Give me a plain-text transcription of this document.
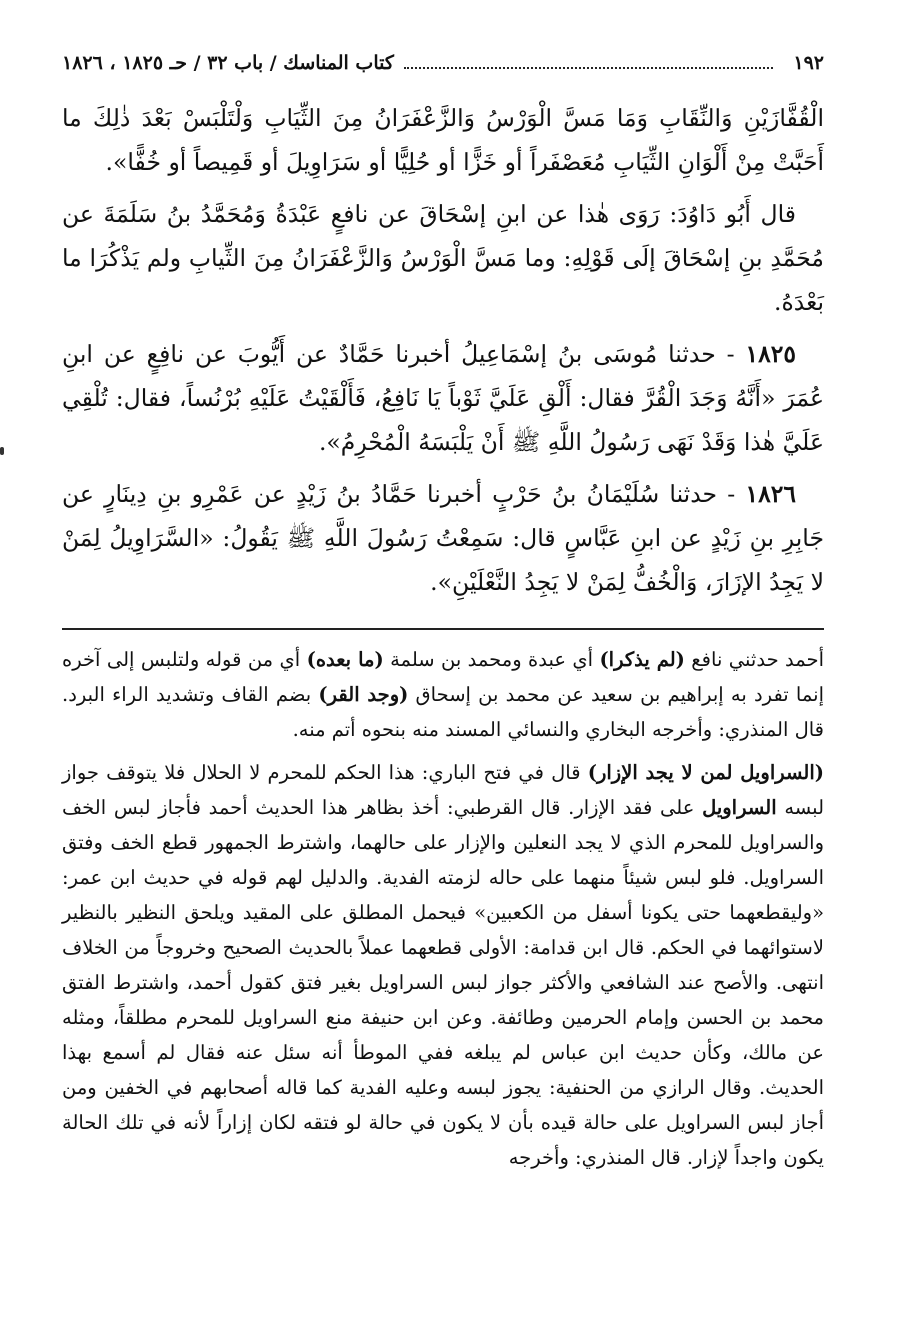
١٩٢
كتاب المناسك / باب ٣٢ / حـ ١٨٢٥ ، ١٨٢٦

الْقُفَّازَيْنِ وَالنِّقَابِ وَمَا مَسَّ الْوَرْسُ وَالزَّعْفَرَانُ مِنَ الثِّيَابِ وَلْتَلْبَسْ بَعْدَ ذٰلِكَ ما أَحَبَّتْ مِنْ أَلْوَانِ الثِّيَابِ مُعَصْفَراً أو خَزًّا أو حُلِيًّا أو سَرَاوِيلَ أو قَمِيصاً أو خُفًّا».

قال أَبُو دَاوُدَ: رَوَى هٰذا عن ابنِ إسْحَاقَ عن نافعٍ عَبْدَةُ وَمُحَمَّدُ بنُ سَلَمَةَ عن مُحَمَّدِ بنِ إسْحَاقَ إلَى قَوْلِهِ: وما مَسَّ الْوَرْسُ وَالزَّعْفَرَانُ مِنَ الثِّيابِ ولم يَذْكُرَا ما بَعْدَهُ.

١٨٢٥ - حدثنا مُوسَى بنُ إسْمَاعِيلُ أخبرنا حَمَّادٌ عن أَيُّوبَ عن نافِعٍ عن ابنِ عُمَرَ «أَنَّهُ وَجَدَ الْقُرَّ فقال: أَلْقِ عَلَيَّ ثَوْباً يَا نَافِعُ، فَأَلْقَيْتُ عَلَيْهِ بُرْنُساً، فقال: تُلْقِي عَلَيَّ هٰذا وَقَدْ نَهَى رَسُولُ اللَّهِ ﷺ أَنْ يَلْبَسَهُ الْمُحْرِمُ».

١٨٢٦ - حدثنا سُلَيْمَانُ بنُ حَرْبٍ أخبرنا حَمَّادُ بنُ زَيْدٍ عن عَمْرِو بنِ دِينَارٍ عن جَابِرِ بنِ زَيْدٍ عن ابنِ عَبَّاسٍ قال: سَمِعْتُ رَسُولَ اللَّهِ ﷺ يَقُولُ: «السَّرَاوِيلُ لِمَنْ لا يَجِدُ الإزَارَ، وَالْخُفُّ لِمَنْ لا يَجِدُ النَّعْلَيْنِ».

أحمد حدثني نافع (لم يذكرا) أي عبدة ومحمد بن سلمة (ما بعده) أي من قوله ولتلبس إلى آخره إنما تفرد به إبراهيم بن سعيد عن محمد بن إسحاق (وجد القر) بضم القاف وتشديد الراء البرد. قال المنذري: وأخرجه البخاري والنسائي المسند منه بنحوه أتم منه.

(السراويل لمن لا يجد الإزار) قال في فتح الباري: هذا الحكم للمحرم لا الحلال فلا يتوقف جواز لبسه السراويل على فقد الإزار. قال القرطبي: أخذ بظاهر هذا الحديث أحمد فأجاز لبس الخف والسراويل للمحرم الذي لا يجد النعلين والإزار على حالهما، واشترط الجمهور قطع الخف وفتق السراويل. فلو لبس شيئاً منهما على حاله لزمته الفدية. والدليل لهم قوله في حديث ابن عمر: «وليقطعهما حتى يكونا أسفل من الكعبين» فيحمل المطلق على المقيد ويلحق النظير بالنظير لاستوائهما في الحكم. قال ابن قدامة: الأولى قطعهما عملاً بالحديث الصحيح وخروجاً من الخلاف انتهى. والأصح عند الشافعي والأكثر جواز لبس السراويل بغير فتق كقول أحمد، واشترط الفتق محمد بن الحسن وإمام الحرمين وطائفة. وعن ابن حنيفة منع السراويل للمحرم مطلقاً، ومثله عن مالك، وكأن حديث ابن عباس لم يبلغه ففي الموطأ أنه سئل عنه فقال لم أسمع بهذا الحديث. وقال الرازي من الحنفية: يجوز لبسه وعليه الفدية كما قاله أصحابهم في الخفين ومن أجاز لبس السراويل على حالة قيده بأن لا يكون في حالة لو فتقه لكان إزاراً لأنه في تلك الحالة يكون واجداً لإزار. قال المنذري: وأخرجه
